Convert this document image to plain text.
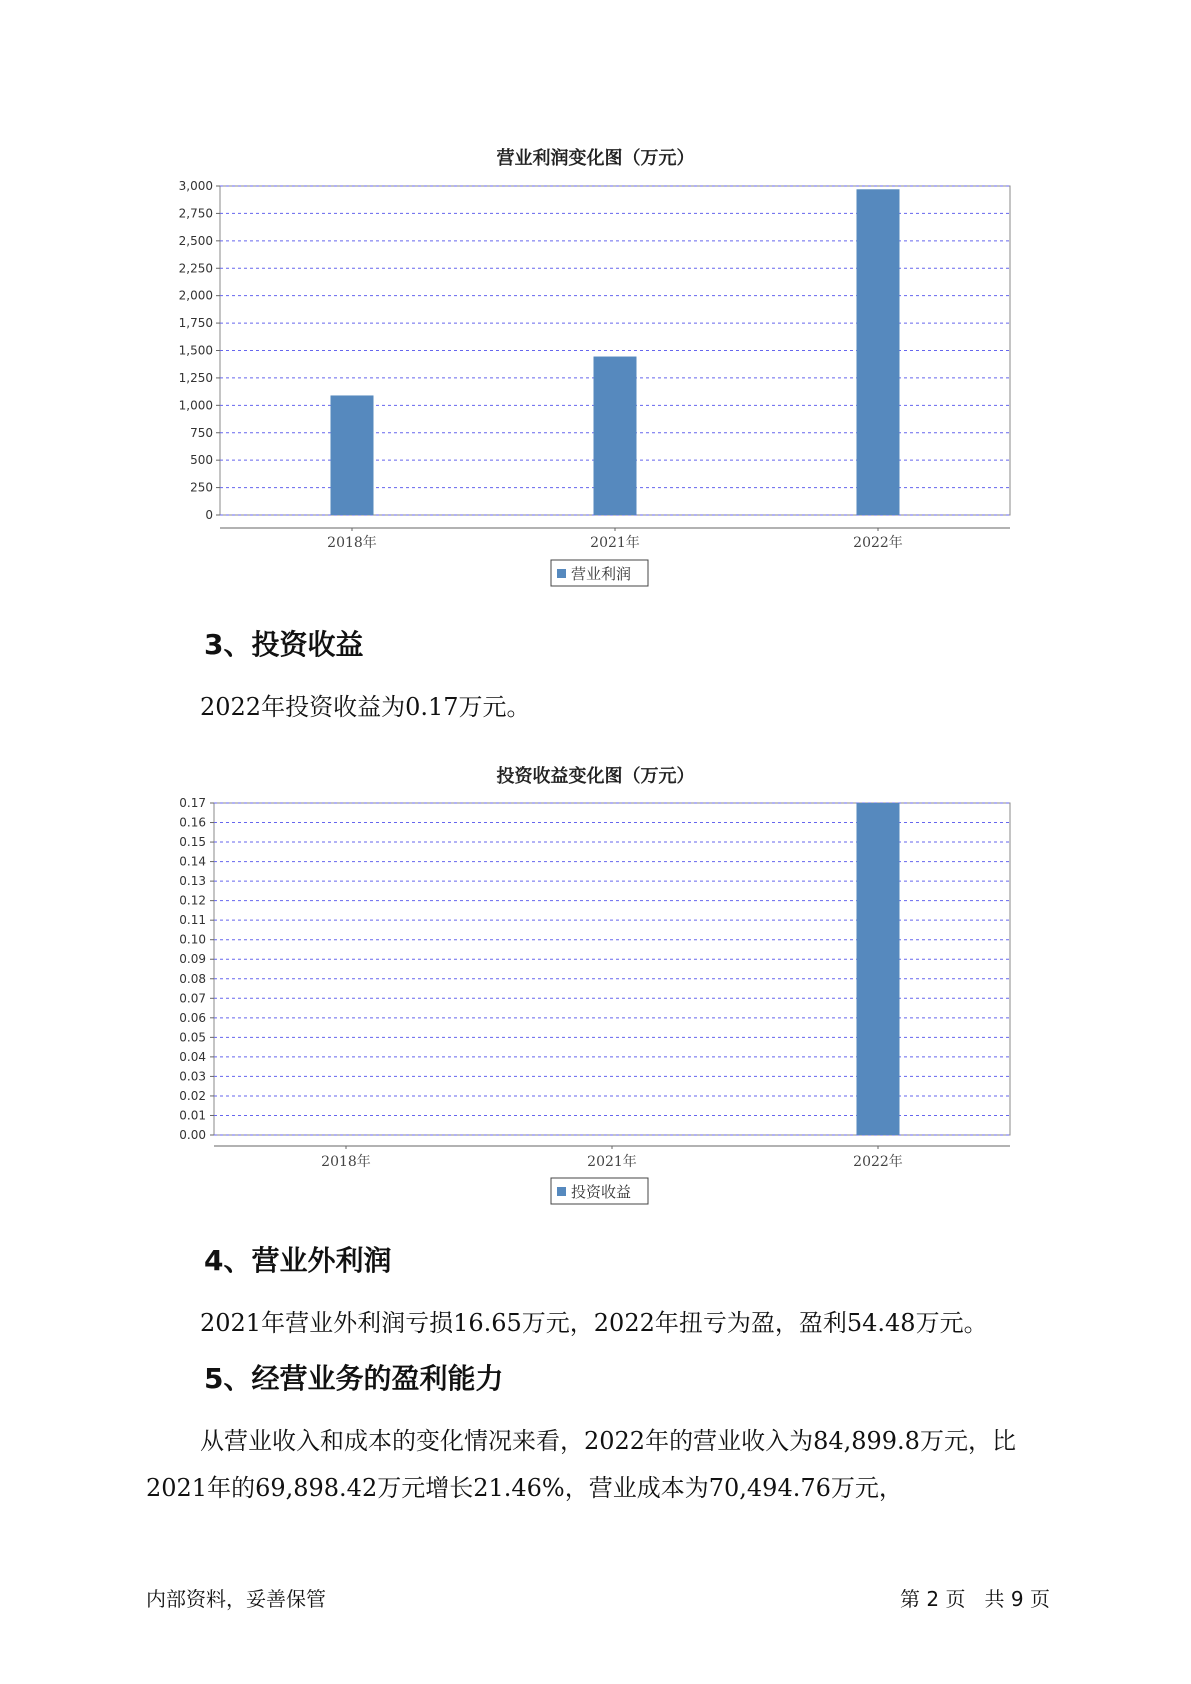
营业利润变化图（万元）
0
250
500
750
1,000
1,250
1,500
1,750
2,000
2,250
2,500
2,750
3,000
2018年	2021年	2022年
营业利润
3、投资收益
2022年投资收益为0.17万元。
投资收益变化图（万元）
0.00
0.01
0.02
0.03
0.04
0.05
0.06
0.07
0.08
0.09
0.10
0.11
0.12
0.13
0.14
0.15
0.16
0.17
2018年	2021年	2022年
投资收益
4、营业外利润
2021年营业外利润亏损16.65万元，2022年扭亏为盈，盈利54.48万元。
5、经营业务的盈利能力
从营业收入和成本的变化情况来看，2022年的营业收入为84,899.8万元，比2021年的69,898.42万元增长21.46%，营业成本为70,494.76万元，
内部资料，妥善保管	第 2 页   共 9 页
